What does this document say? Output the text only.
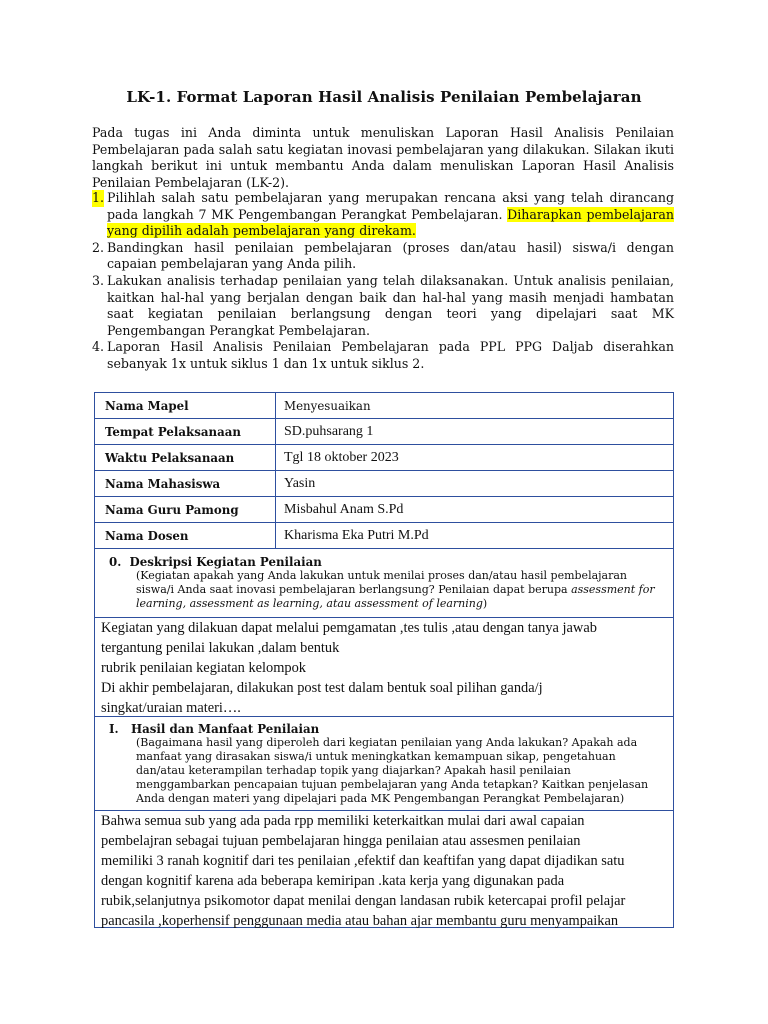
LK-1. Format Laporan Hasil Analisis Penilaian Pembelajaran
Pada tugas ini Anda diminta untuk menuliskan Laporan Hasil Analisis Penilaian Pembelajaran pada salah satu kegiatan inovasi pembelajaran yang dilakukan. Silakan ikuti langkah berikut ini untuk membantu Anda dalam menuliskan Laporan Hasil Analisis Penilaian Pembelajaran (LK-2).
1. Pilihlah salah satu pembelajaran yang merupakan rencana aksi yang telah dirancang pada langkah 7 MK Pengembangan Perangkat Pembelajaran. Diharapkan pembelajaran yang dipilih adalah pembelajaran yang direkam.
2. Bandingkan hasil penilaian pembelajaran (proses dan/atau hasil) siswa/i dengan capaian pembelajaran yang Anda pilih.
3. Lakukan analisis terhadap penilaian yang telah dilaksanakan. Untuk analisis penilaian, kaitkan hal-hal yang berjalan dengan baik dan hal-hal yang masih menjadi hambatan saat kegiatan penilaian berlangsung dengan teori yang dipelajari saat MK Pengembangan Perangkat Pembelajaran.
4. Laporan Hasil Analisis Penilaian Pembelajaran pada PPL PPG Daljab diserahkan sebanyak 1x untuk siklus 1 dan 1x untuk siklus 2.
Nama Mapel	Menyesuaikan
Tempat Pelaksanaan	SD.puhsarang 1
Waktu Pelaksanaan	Tgl 18 oktober 2023
Nama Mahasiswa	Yasin
Nama Guru Pamong	Misbahul Anam S.Pd
Nama Dosen	Kharisma Eka Putri M.Pd
0. Deskripsi Kegiatan Penilaian
(Kegiatan apakah yang Anda lakukan untuk menilai proses dan/atau hasil pembelajaran siswa/i Anda saat inovasi pembelajaran berlangsung? Penilaian dapat berupa assessment for learning, assessment as learning, atau assessment of learning)
Kegiatan yang dilakuan dapat melalui pemgamatan ,tes tulis ,atau dengan tanya jawab
tergantung penilai lakukan ,dalam bentuk
rubrik penilaian kegiatan kelompok
Di akhir pembelajaran, dilakukan post test dalam bentuk soal pilihan ganda/j
singkat/uraian materi….
I. Hasil dan Manfaat Penilaian
(Bagaimana hasil yang diperoleh dari kegiatan penilaian yang Anda lakukan? Apakah ada manfaat yang dirasakan siswa/i untuk meningkatkan kemampuan sikap, pengetahuan dan/atau keterampilan terhadap topik yang diajarkan? Apakah hasil penilaian menggambarkan pencapaian tujuan pembelajaran yang Anda tetapkan? Kaitkan penjelasan Anda dengan materi yang dipelajari pada MK Pengembangan Perangkat Pembelajaran)
Bahwa semua sub yang ada pada rpp memiliki keterkaitkan mulai dari awal capaian
pembelajran sebagai tujuan pembelajaran hingga penilaian atau assesmen penilaian
memiliki 3 ranah kognitif dari tes penilaian ,efektif dan keaftifan yang dapat dijadikan satu
dengan kognitif karena ada beberapa kemiripan .kata kerja yang digunakan pada
rubik,selanjutnya psikomotor dapat menilai dengan landasan rubik ketercapai profil pelajar
pancasila ,koperhensif penggunaan media atau bahan ajar membantu guru menyampaikan
